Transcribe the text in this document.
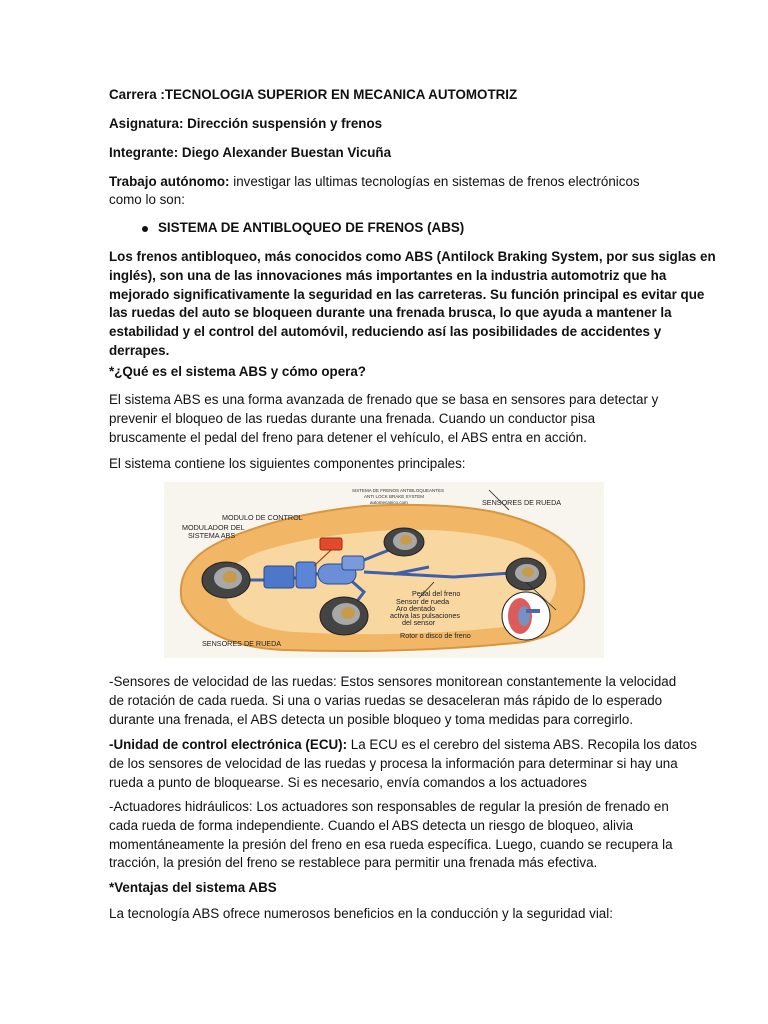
Carrera :TECNOLOGIA SUPERIOR EN MECANICA AUTOMOTRIZ
Asignatura: Dirección suspensión y frenos
Integrante: Diego Alexander Buestan Vicuña
Trabajo autónomo: investigar las ultimas tecnologías en sistemas de frenos electrónicos
como lo son:
SISTEMA DE ANTIBLOQUEO DE FRENOS (ABS)
Los frenos antibloqueo, más conocidos como ABS (Antilock Braking System, por sus siglas en
inglés), son una de las innovaciones más importantes en la industria automotriz que ha
mejorado significativamente la seguridad en las carreteras. Su función principal es evitar que
las ruedas del auto se bloqueen durante una frenada brusca, lo que ayuda a mantener la
estabilidad y el control del automóvil, reduciendo así las posibilidades de accidentes y
derrapes.
*¿Qué es el sistema ABS y cómo opera?
El sistema ABS es una forma avanzada de frenado que se basa en sensores para detectar y
prevenir el bloqueo de las ruedas durante una frenada. Cuando un conductor pisa
bruscamente el pedal del freno para detener el vehículo, el ABS entra en acción.
El sistema contiene los siguientes componentes principales:
SISTEMA DE FRENOS ANTIBLOQUEANTES
ANTI LOCK BRAKE SYSTEM
automecanico.com
MODULO DE CONTROL
MODULADOR DEL
SISTEMA ABS
SENSORES DE RUEDA
SENSORES DE RUEDA
Pedal del freno
Sensor de rueda
Aro dentado
activa las pulsaciones
del sensor
Rotor o disco de freno
-Sensores de velocidad de las ruedas: Estos sensores monitorean constantemente la velocidad
de rotación de cada rueda. Si una o varias ruedas se desaceleran más rápido de lo esperado
durante una frenada, el ABS detecta un posible bloqueo y toma medidas para corregirlo.
-Unidad de control electrónica (ECU): La ECU es el cerebro del sistema ABS. Recopila los datos
de los sensores de velocidad de las ruedas y procesa la información para determinar si hay una
rueda a punto de bloquearse. Si es necesario, envía comandos a los actuadores
-Actuadores hidráulicos: Los actuadores son responsables de regular la presión de frenado en
cada rueda de forma independiente. Cuando el ABS detecta un riesgo de bloqueo, alivia
momentáneamente la presión del freno en esa rueda específica. Luego, cuando se recupera la
tracción, la presión del freno se restablece para permitir una frenada más efectiva.
*Ventajas del sistema ABS
La tecnología ABS ofrece numerosos beneficios en la conducción y la seguridad vial:
